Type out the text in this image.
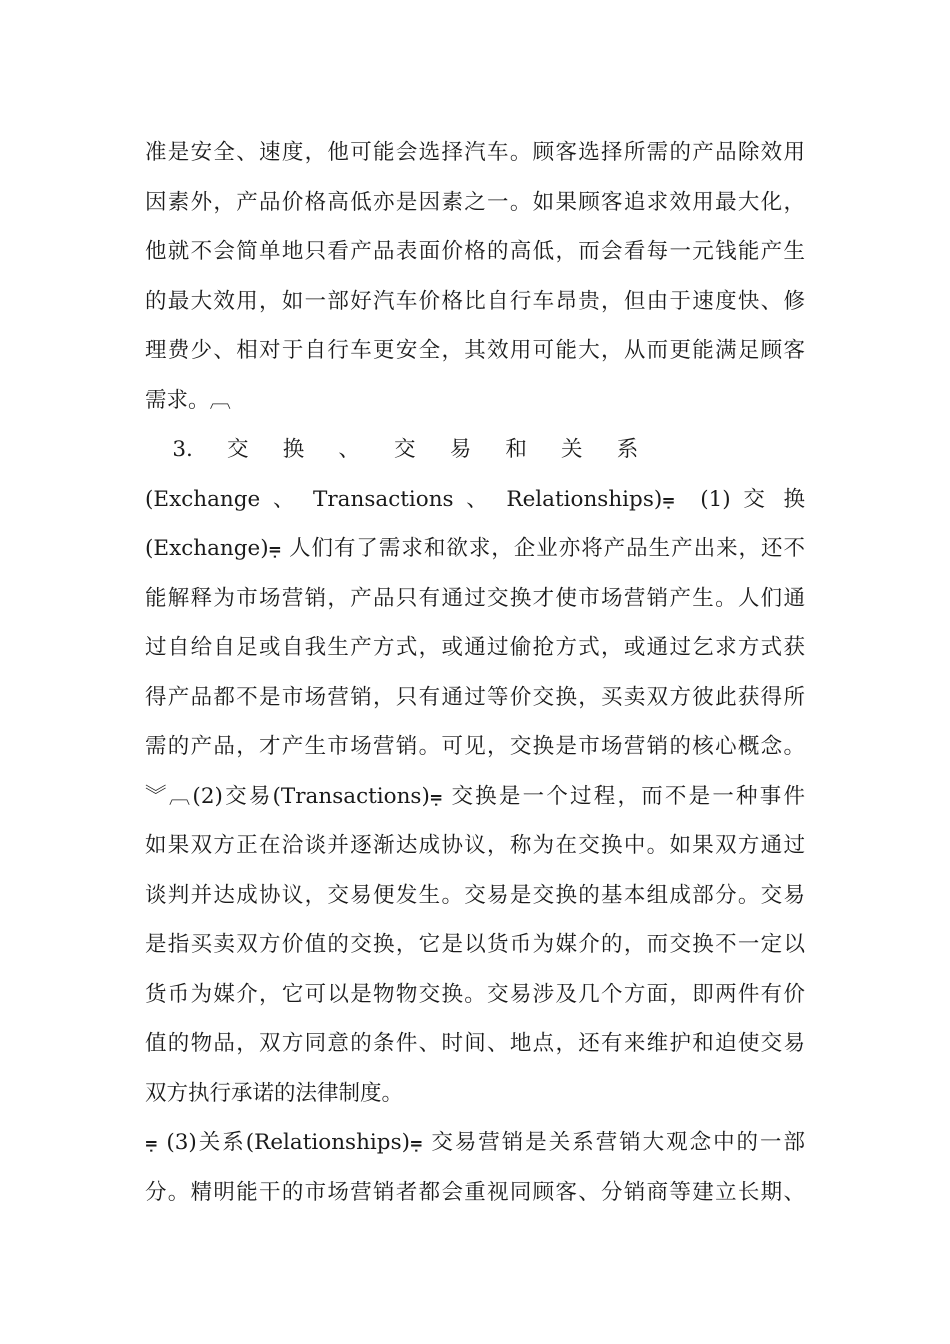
准是安全、速度，他可能会选择汽车。顾客选择所需的产品除效用
因素外，产品价格高低亦是因素之一。如果顾客追求效用最大化，
他就不会简单地只看产品表面价格的高低，而会看每一元钱能产生
的最大效用，如一部好汽车价格比自行车昂贵，但由于速度快、修
理费少、相对于自行车更安全，其效用可能大，从而更能满足顾客
需求。︹
3.     交     换     、     交     易     和     关     系
(Exchange 、 Transactions 、 Relationships)⩦  (1) 交 换
(Exchange)⩦ 人们有了需求和欲求，企业亦将产品生产出来，还不
能解释为市场营销，产品只有通过交换才使市场营销产生。人们通
过自给自足或自我生产方式，或通过偷抢方式，或通过乞求方式获
得产品都不是市场营销，只有通过等价交换，买卖双方彼此获得所
需的产品，才产生市场营销。可见，交换是市场营销的核心概念。
︾︹(2)交易(Transactions)⩦ 交换是一个过程，而不是一种事件
如果双方正在洽谈并逐渐达成协议，称为在交换中。如果双方通过
谈判并达成协议，交易便发生。交易是交换的基本组成部分。交易
是指买卖双方价值的交换，它是以货币为媒介的，而交换不一定以
货币为媒介，它可以是物物交换。交易涉及几个方面，即两件有价
值的物品，双方同意的条件、时间、地点，还有来维护和迫使交易
双方执行承诺的法律制度。
⩦ (3)关系(Relationships)⩦ 交易营销是关系营销大观念中的一部
分。精明能干的市场营销者都会重视同顾客、分销商等建立长期、
